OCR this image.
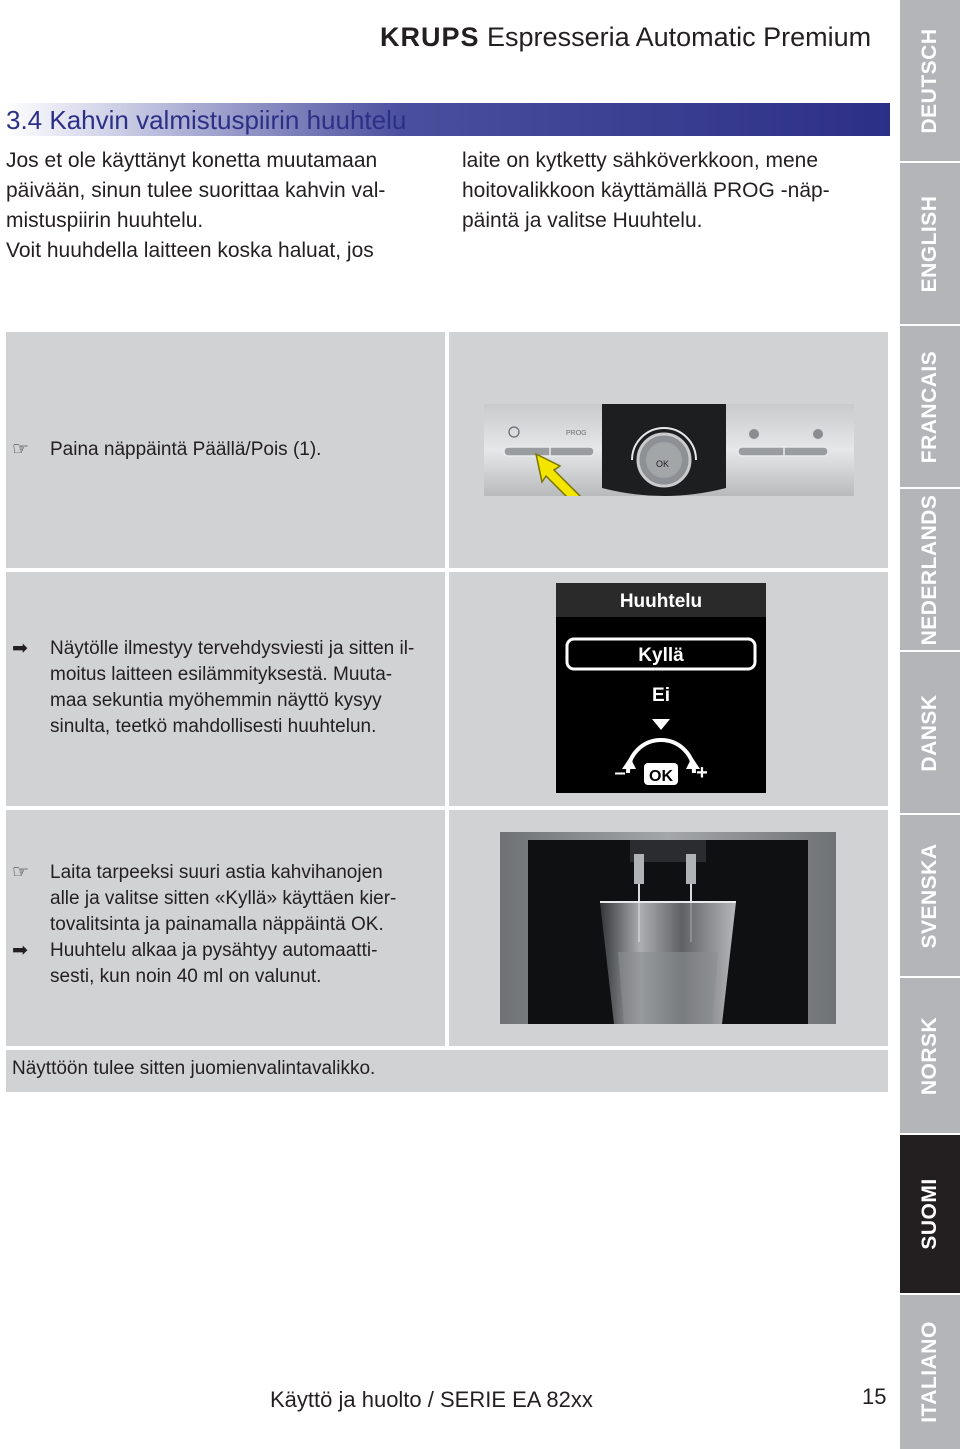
KRUPS Espresseria Automatic Premium
3.4 Kahvin valmistuspiirin huuhtelu

Jos et ole käyttänyt konetta muutamaan

päivään, sinun tulee suorittaa kahvin val-

mistuspiirin huuhtelu.

Voit huuhdella laitteen koska haluat, jos

laite on kytketty sähköverkkoon, mene

hoitovalikkoon käyttämällä PROG -näp-

päintä ja valitse Huuhtelu.

☞ Paina näppäintä Päällä/Pois (1).

➡ Näytölle ilmestyy tervehdysviesti ja sitten il-

moitus laitteen esilämmityksestä. Muuta-

maa sekuntia myöhemmin näyttö kysyy

sinulta, teetkö mahdollisesti huuhtelun.

☞
➡

Laita tarpeeksi suuri astia kahvihanojen

alle ja valitse sitten «Kyllä» käyttäen kier-

tovalitsinta ja painamalla näppäintä OK.

Huuhtelu alkaa ja pysähtyy automaatti-

sesti, kun noin 40 ml on valunut.

Näyttöön tulee sitten juomienvalintavalikko.
OK
PROG
Huuhtelu
Kyllä
Ei
OK
–	+
DEUTSCH
ENGLISH
FRANCAIS
NEDERLANDS
DANSK
SVENSKA
NORSK
SUOMI
ITALIANO
Käyttö ja huolto / SERIE EA 82xx	15
